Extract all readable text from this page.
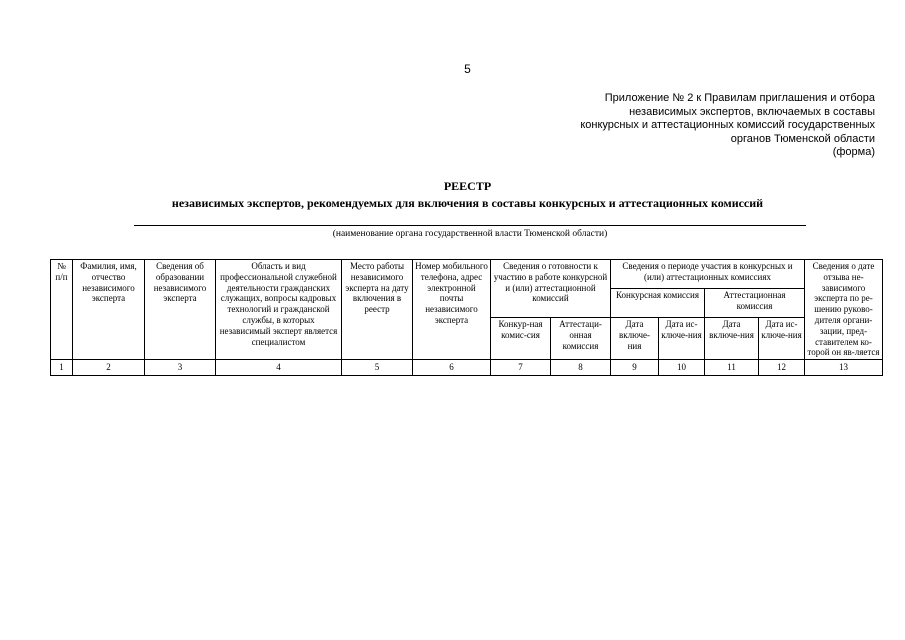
5
Приложение № 2 к Правилам приглашения и отбора
независимых экспертов, включаемых в составы
конкурсных и аттестационных комиссий государственных
органов Тюменской области
(форма)
РЕЕСТР
независимых экспертов, рекомендуемых для включения в составы конкурсных и аттестационных комиссий
(наименование органа государственной власти Тюменской области)
№ п/п	Фамилия, имя, отчество независимого эксперта	Сведения об образовании независимого эксперта	Область и вид профессиональной служебной деятельности гражданских служащих, вопросы кадровых технологий и гражданской службы, в которых независимый эксперт является специалистом	Место работы независимого эксперта на дату включения в реестр	Номер мобильного телефона, адрес электронной почты независимого эксперта	Сведения о готовности к участию в работе конкурсной и (или) аттестационной комиссий		Сведения о периоде участия в конкурсных и (или) аттестационных комиссиях				Сведения о дате отзыва не-зависимого эксперта по ре-шению руково-дителя органи-зации, пред-ставителем ко-торой он яв-ляется
								Конкурсная комиссия		Аттестационная комиссия		
						Конкур-ная комис-сия	Аттестаци-онная комиссия	Дата включе-ния	Дата ис-ключе-ния	Дата включе-ния	Дата ис-ключе-ния	
1	2	3	4	5	6	7	8	9	10	11	12	13
